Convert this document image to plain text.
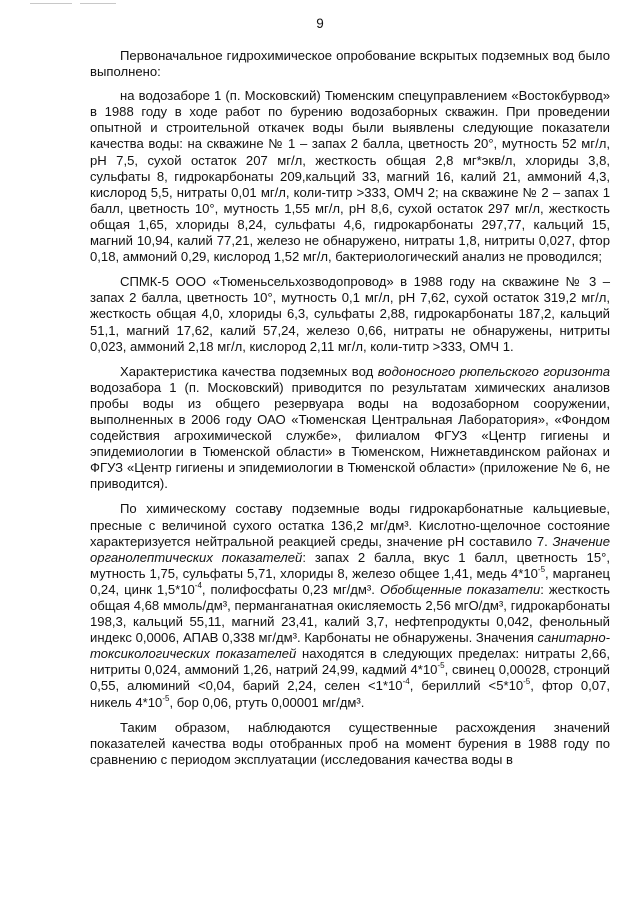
9

Первоначальное гидрохимическое опробование вскрытых подземных вод было выполнено:

на водозаборе 1 (п. Московский) Тюменским спецуправлением «Востокбурвод» в 1988 году в ходе работ по бурению водозаборных скважин. При проведении опытной и строительной откачек воды были выявлены следующие показатели качества воды: на скважине № 1 – запах 2 балла, цветность 20°, мутность 52 мг/л, рН 7,5, сухой остаток 207 мг/л, жесткость общая 2,8 мг*экв/л, хлориды 3,8, сульфаты 8, гидрокарбонаты 209,кальций 33, магний 16, калий 21, аммоний 4,3, кислород 5,5, нитраты 0,01 мг/л, коли-титр >333, ОМЧ 2; на скважине № 2 – запах 1 балл, цветность 10°, мутность 1,55 мг/л, рН 8,6, сухой остаток 297 мг/л, жесткость общая 1,65, хлориды 8,24, сульфаты 4,6, гидрокарбонаты 297,77, кальций 15, магний 10,94, калий 77,21, железо не обнаружено, нитраты 1,8, нитриты 0,027, фтор 0,18, аммоний 0,29, кислород 1,52 мг/л, бактериологический анализ не проводился;

СПМК-5 ООО «Тюменьсельхозводопровод» в 1988 году на скважине № 3 – запах 2 балла, цветность 10°, мутность 0,1 мг/л, рН 7,62, сухой остаток 319,2 мг/л, жесткость общая 4,0, хлориды 6,3, сульфаты 2,88, гидрокарбонаты 187,2, кальций 51,1, магний 17,62, калий 57,24, железо 0,66, нитраты не обнаружены, нитриты 0,023, аммоний 2,18 мг/л, кислород 2,11 мг/л, коли-титр >333, ОМЧ 1.

Характеристика качества подземных вод водоносного рюпельского горизонта водозабора 1 (п. Московский) приводится по результатам химических анализов пробы воды из общего резервуара воды на водозаборном сооружении, выполненных в 2006 году ОАО «Тюменская Центральная Лаборатория», «Фондом содействия агрохимической службе», филиалом ФГУЗ «Центр гигиены и эпидемиологии в Тюменской области» в Тюменском, Нижнетавдинском районах и ФГУЗ «Центр гигиены и эпидемиологии в Тюменской области» (приложение № 6, не приводится).

По химическому составу подземные воды гидрокарбонатные кальциевые, пресные с величиной сухого остатка 136,2 мг/дм³. Кислотно-щелочное состояние характеризуется нейтральной реакцией среды, значение рН составило 7. Значение органолептических показателей: запах 2 балла, вкус 1 балл, цветность 15°, мутность 1,75, сульфаты 5,71, хлориды 8, железо общее 1,41, медь $4*10^{-5}$, марганец 0,24, цинк $1,5*10^{-4}$, полифосфаты 0,23 мг/дм³. Обобщенные показатели: жесткость общая 4,68 ммоль/дм³, перманганатная окисляемость 2,56 мгО/дм³, гидрокарбонаты 198,3, кальций 55,11, магний 23,41, калий 3,7, нефтепродукты 0,042, фенольный индекс 0,0006, АПАВ 0,338 мг/дм³. Карбонаты не обнаружены. Значения санитарно-токсикологических показателей находятся в следующих пределах: нитраты 2,66, нитриты 0,024, аммоний 1,26, натрий 24,99, кадмий $4*10^{-5}$, свинец 0,00028, стронций 0,55, алюминий <0,04, барий 2,24, селен $<1*10^{-4}$, бериллий $<5*10^{-5}$, фтор 0,07, никель $4*10^{-5}$, бор 0,06, ртуть 0,00001 мг/дм³.

Таким образом, наблюдаются существенные расхождения значений показателей качества воды отобранных проб на момент бурения в 1988 году по сравнению с периодом эксплуатации (исследования качества воды в
